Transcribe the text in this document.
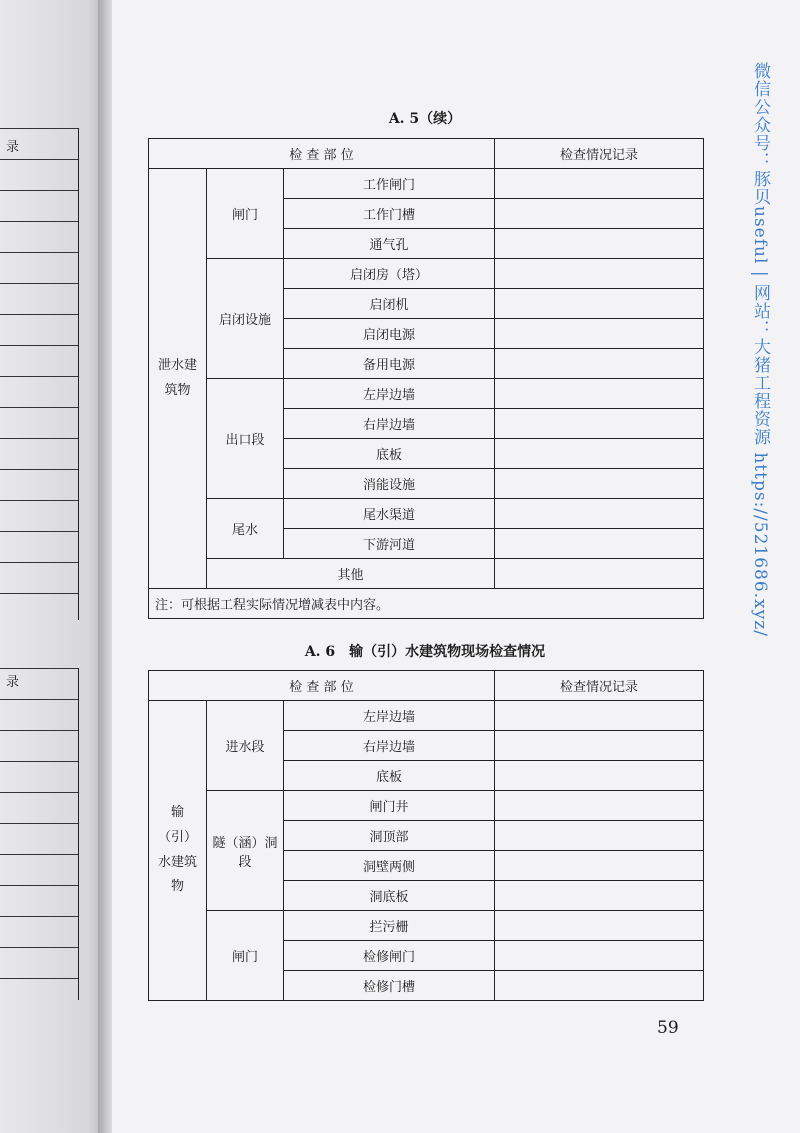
录
录
A. 5（续）
检 查 部 位			检查情况记录
泄水建筑物	闸门	工作闸门	
		工作门槽	
		通气孔	
	启闭设施	启闭房（塔）	
		启闭机	
		启闭电源	
		备用电源	
	出口段	左岸边墙	
		右岸边墙	
		底板	
		消能设施	
	尾水	尾水渠道	
		下游河道	
	其他		
注：可根据工程实际情况增减表中内容。			
A. 6　输（引）水建筑物现场检查情况
检 查 部 位			检查情况记录
输（引）水建筑物	进水段	左岸边墙	
		右岸边墙	
		底板	
	隧（涵）洞段	闸门井	
		洞顶部	
		洞壁两侧	
		洞底板	
	闸门	拦污栅	
		检修闸门	
		检修门槽	
59
微信公众号：豚贝useful | 网站：大猪工程资源 https://521686.xyz/
